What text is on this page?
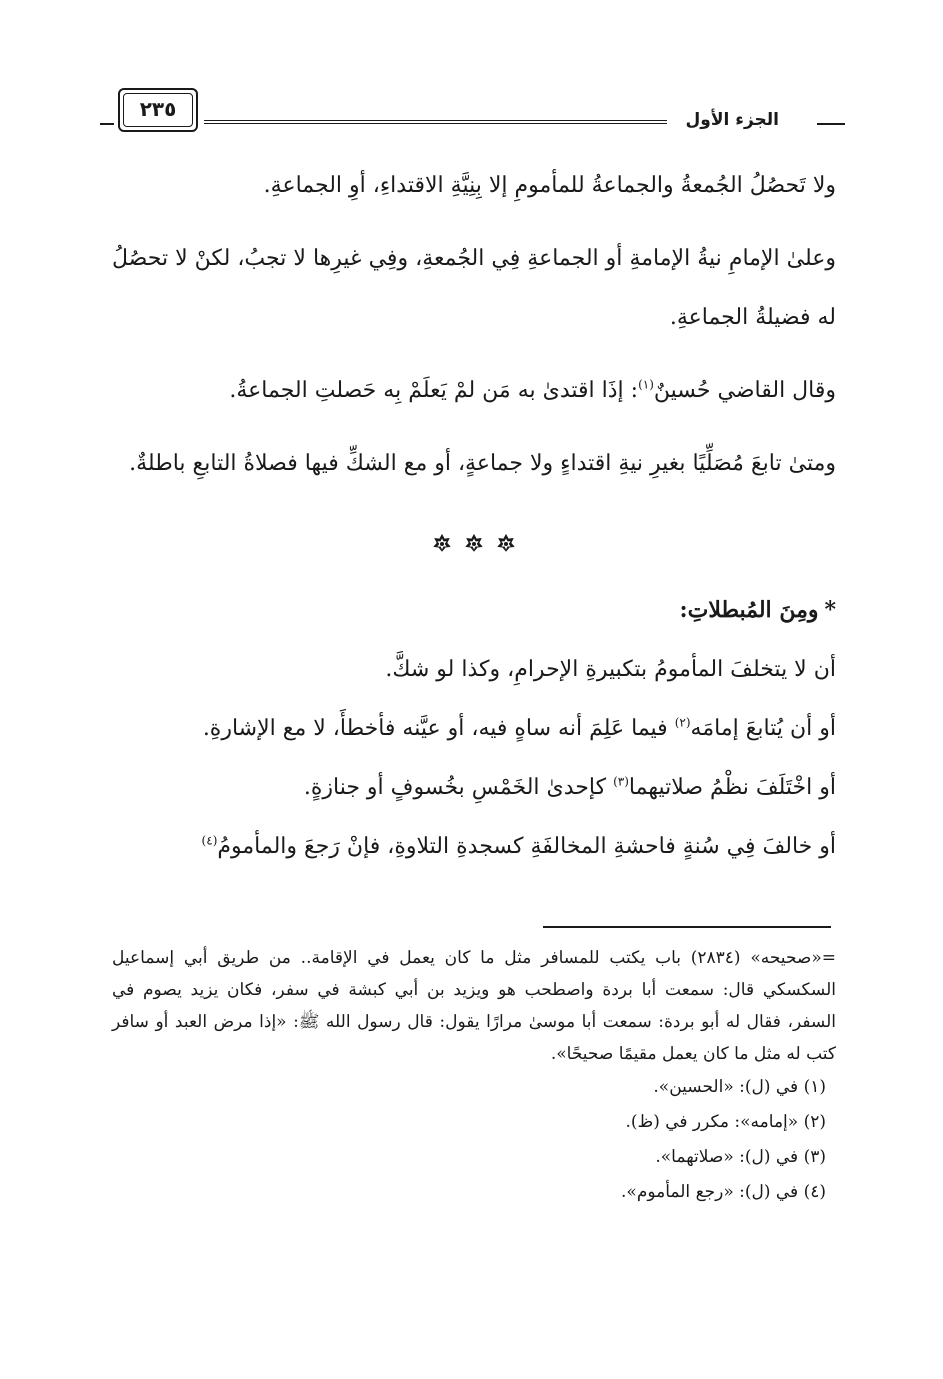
الجزء الأول
٢٣٥

ولا تَحصُلُ الجُمعةُ والجماعةُ للمأمومِ إلا بِنِيَّةِ الاقتداءِ، أوِ الجماعةِ.

وعلىٰ الإمامِ نيةُ الإمامةِ أو الجماعةِ فِي الجُمعةِ، وفِي غيرِها لا تجبُ، لكنْ لا تحصُلُ له فضيلةُ الجماعةِ.

وقال القاضي حُسينٌ$^{(١)}$: إذَا اقتدىٰ به مَن لمْ يَعلَمْ بِه حَصلتِ الجماعةُ.

ومتىٰ تابعَ مُصَلِّيًا بغيرِ نيةِ اقتداءٍ ولا جماعةٍ، أو مع الشكِّ فيها فصلاةُ التابعِ باطلةٌ.

*ومِنَ المُبطلاتِ:

أن لا يتخلفَ المأمومُ بتكبيرةِ الإحرامِ، وكذا لو شكَّ.

أو أن يُتابعَ إمامَه$^{(٢)}$ فيما عَلِمَ أنه ساهٍ فيه، أو عيَّنه فأخطأَ، لا مع الإشارةِ.

أو اخْتَلَفَ نظْمُ صلاتيهما$^{(٣)}$ كإحدىٰ الخَمْسِ بخُسوفٍ أو جنازةٍ.

أو خالفَ فِي سُنةٍ فاحشةِ المخالفَةِ كسجدةِ التلاوةِ، فإنْ رَجعَ والمأمومُ$^{(٤)}$

=«صحيحه» (٢٨٣٤) باب يكتب للمسافر مثل ما كان يعمل في الإقامة.. من طريق أبي إسماعيل السكسكي قال: سمعت أبا بردة واصطحب هو ويزيد بن أبي كبشة في سفر، فكان يزيد يصوم في السفر، فقال له أبو بردة: سمعت أبا موسىٰ مرارًا يقول: قال رسول الله ﷺ: «إذا مرض العبد أو سافر كتب له مثل ما كان يعمل مقيمًا صحيحًا».

(١) في (ل): «الحسين».

(٢) «إمامه»: مكرر في (ظ).

(٣) في (ل): «صلاتهما».

(٤) في (ل): «رجع المأموم».
